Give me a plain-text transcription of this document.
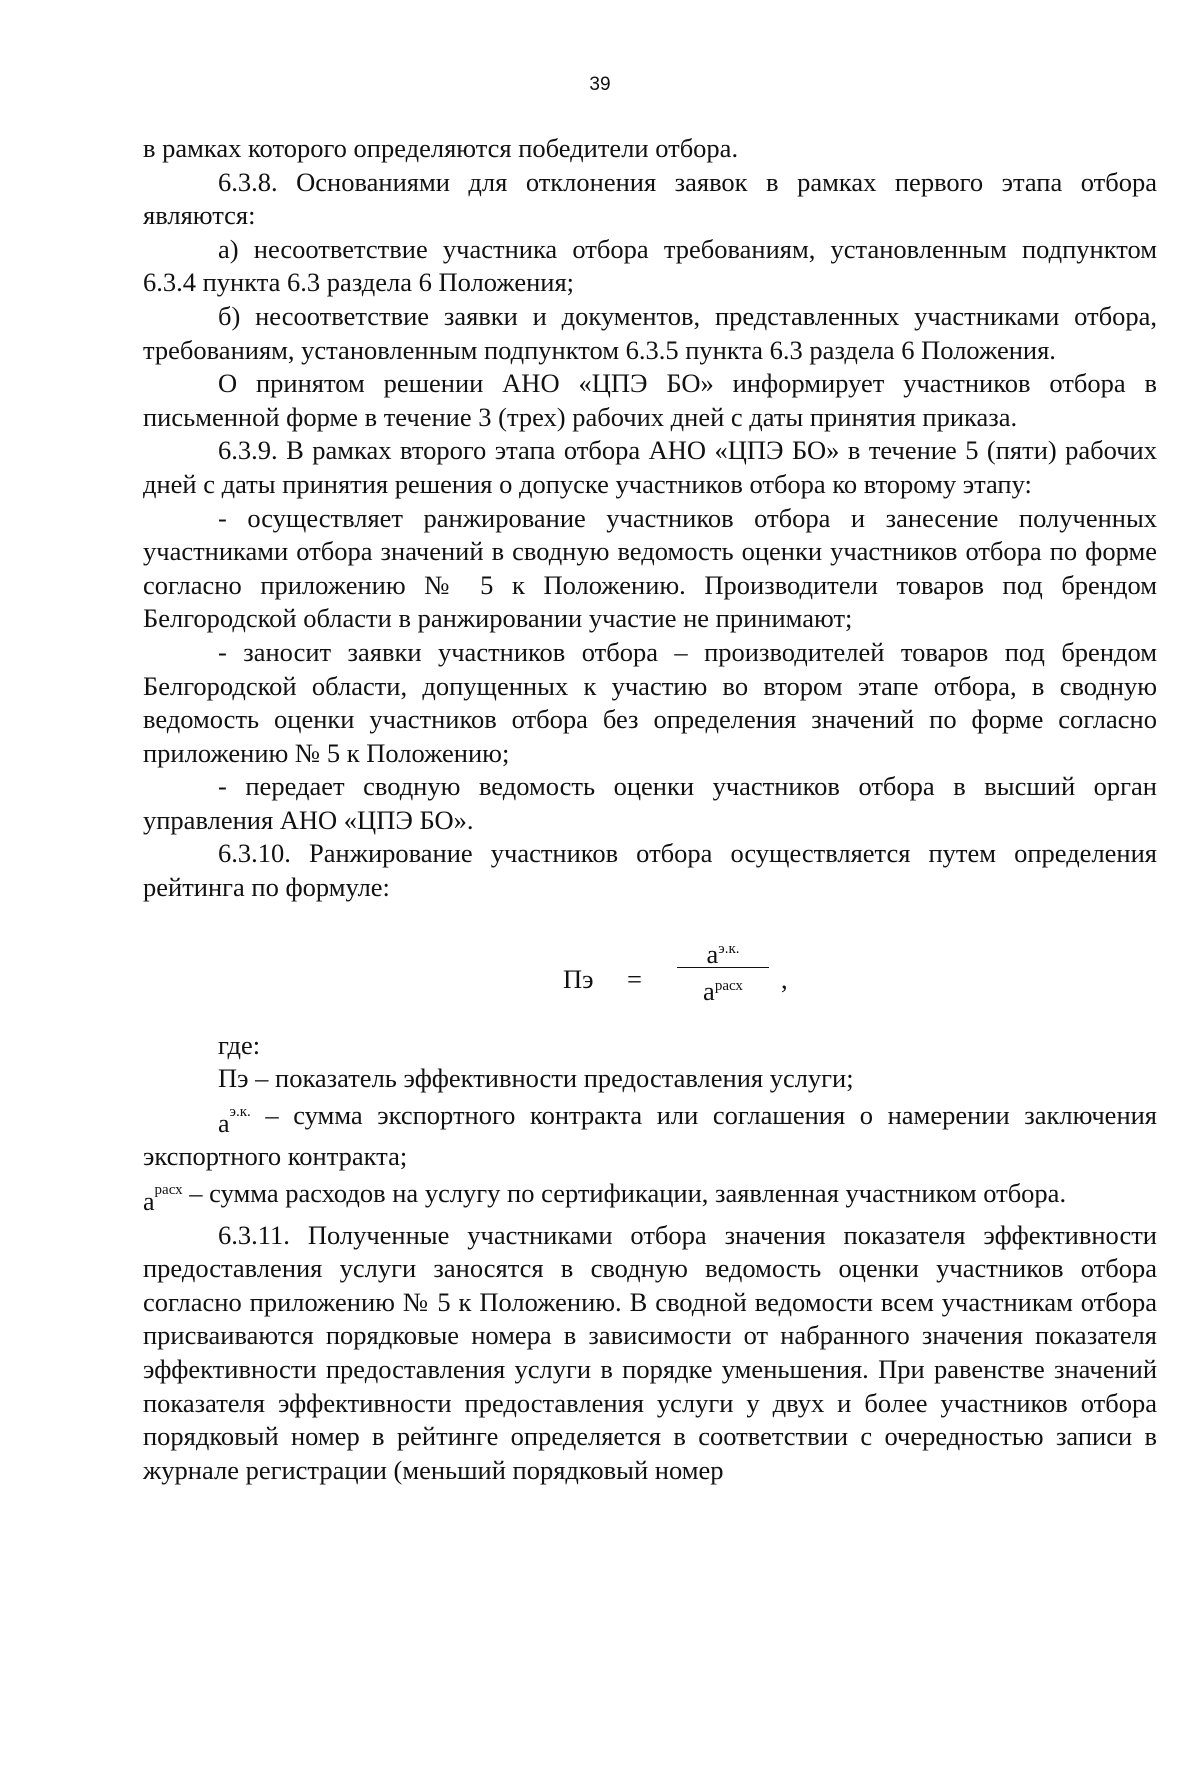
39

в рамках которого определяются победители отбора.

6.3.8. Основаниями для отклонения заявок в рамках первого этапа отбора являются:

а) несоответствие участника отбора требованиям, установленным подпунктом 6.3.4 пункта 6.3 раздела 6 Положения;

б) несоответствие заявки и документов, представленных участниками отбора, требованиям, установленным подпунктом 6.3.5 пункта 6.3 раздела 6 Положения.

О принятом решении АНО «ЦПЭ БО» информирует участников отбора в письменной форме в течение 3 (трех) рабочих дней с даты принятия приказа.

6.3.9. В рамках второго этапа отбора АНО «ЦПЭ БО» в течение 5 (пяти) рабочих дней с даты принятия решения о допуске участников отбора ко второму этапу:

- осуществляет ранжирование участников отбора и занесение полученных участниками отбора значений в сводную ведомость оценки участников отбора по форме согласно приложению № 5 к Положению. Производители товаров под брендом Белгородской области в ранжировании участие не принимают;

- заносит заявки участников отбора – производителей товаров под брендом Белгородской области, допущенных к участию во втором этапе отбора, в сводную ведомость оценки участников отбора без определения значений по форме согласно приложению № 5 к Положению;

- передает сводную ведомость оценки участников отбора в высший орган управления АНО «ЦПЭ БО».

6.3.10. Ранжирование участников отбора осуществляется путем определения рейтинга по формуле:

Пэ =
$a^{э.к.}$
$a^{расх}$	,

где:

Пэ – показатель эффективности предоставления услуги;

$a^{э.к.}$ – сумма экспортного контракта или соглашения о намерении заключения экспортного контракта;

$a^{расх}$ – сумма расходов на услугу по сертификации, заявленная участником отбора.

6.3.11. Полученные участниками отбора значения показателя эффективности предоставления услуги заносятся в сводную ведомость оценки участников отбора согласно приложению № 5 к Положению. В сводной ведомости всем участникам отбора присваиваются порядковые номера в зависимости от набранного значения показателя эффективности предоставления услуги в порядке уменьшения. При равенстве значений показателя эффективности предоставления услуги у двух и более участников отбора порядковый номер в рейтинге определяется в соответствии с очередностью записи в журнале регистрации (меньший порядковый номер
